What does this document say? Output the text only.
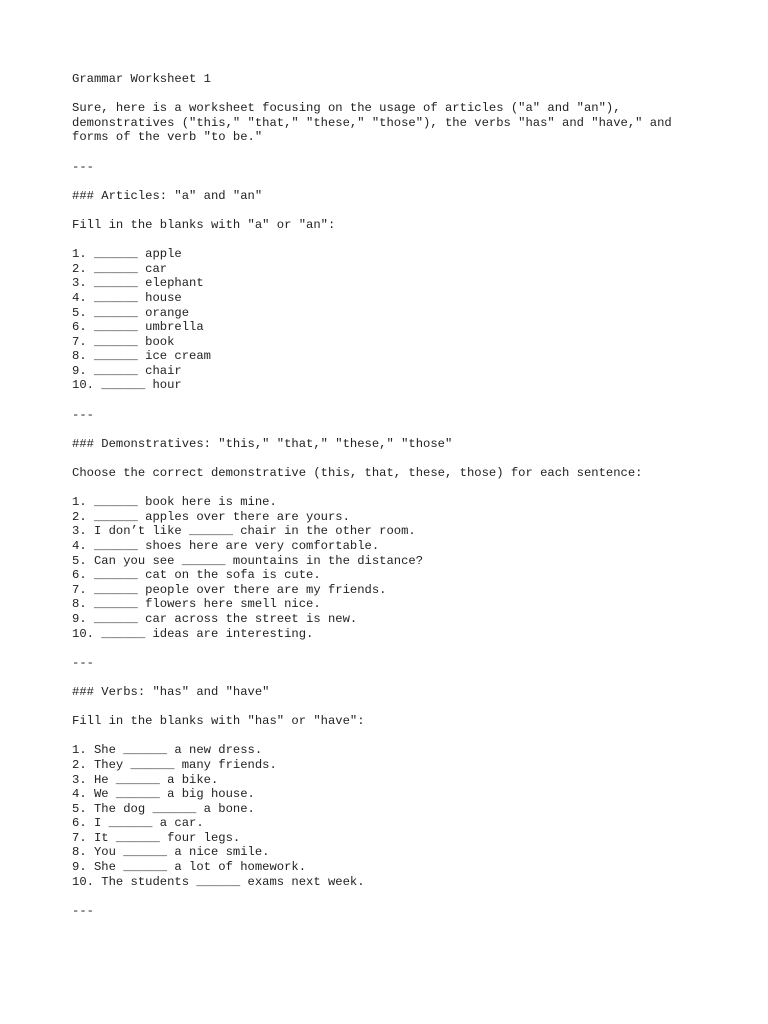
Grammar Worksheet 1

Sure, here is a worksheet focusing on the usage of articles ("a" and "an"), demonstratives ("this," "that," "these," "those"), the verbs "has" and "have," and forms of the verb "to be."

---
### Articles: "a" and "an"
Fill in the blanks with "a" or "an":
1. ______ apple
2. ______ car
3. ______ elephant
4. ______ house
5. ______ orange
6. ______ umbrella
7. ______ book
8. ______ ice cream
9. ______ chair
10. ______ hour
---
### Demonstratives: "this," "that," "these," "those"
Choose the correct demonstrative (this, that, these, those) for each sentence:
1. ______ book here is mine.
2. ______ apples over there are yours.
3. I don’t like ______ chair in the other room.
4. ______ shoes here are very comfortable.
5. Can you see ______ mountains in the distance?
6. ______ cat on the sofa is cute.
7. ______ people over there are my friends.
8. ______ flowers here smell nice.
9. ______ car across the street is new.
10. ______ ideas are interesting.
---
### Verbs: "has" and "have"
Fill in the blanks with "has" or "have":
1. She ______ a new dress.
2. They ______ many friends.
3. He ______ a bike.
4. We ______ a big house.
5. The dog ______ a bone.
6. I ______ a car.
7. It ______ four legs.
8. You ______ a nice smile.
9. She ______ a lot of homework.
10. The students ______ exams next week.
---
